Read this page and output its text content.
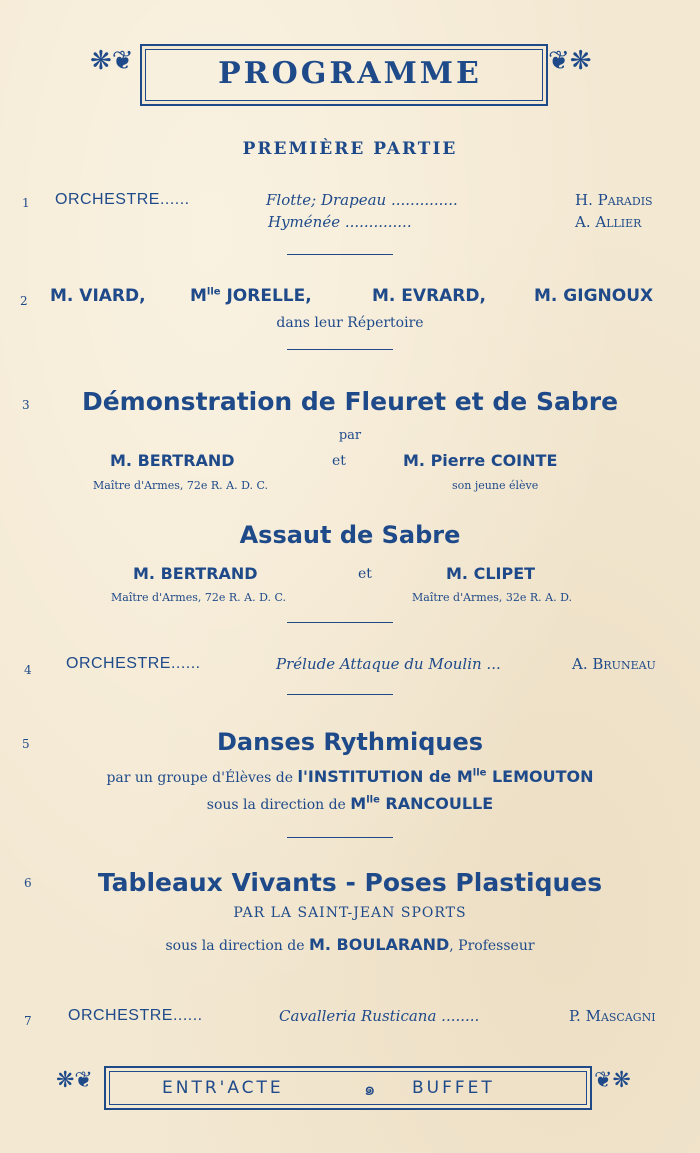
❋❦	❦❋
PROGRAMME
PREMIÈRE PARTIE
1 ORCHESTRE......	Flotte; Drapeau ..............	H. Paradis
Hyménée ..............	A. Allier
2 M. VIARD,	$M^{lle}$ JORELLE,	M. EVRARD,	M. GIGNOUX
dans leur Répertoire
3	Démonstration de Fleuret et de Sabre
par
M. BERTRAND	et	M. Pierre COINTE
Maître d'Armes, 72e R. A. D. C.	son jeune élève
Assaut de Sabre
M. BERTRAND	et	M. CLIPET
Maître d'Armes, 72e R. A. D. C.	Maître d'Armes, 32e R. A. D.
4 ORCHESTRE......	Prélude Attaque du Moulin ...	A. Bruneau
5	Danses Rythmiques
par un groupe d'Élèves de l'INSTITUTION de $M^{lle}$ LEMOUTON
sous la direction de $M^{lle}$ RANCOULLE
6	Tableaux Vivants - Poses Plastiques
PAR LA SAINT-JEAN SPORTS
sous la direction de M. BOULARAND, Professeur
7 ORCHESTRE......	Cavalleria Rusticana ........	P. Mascagni
❋❦	❦❋
ENTR'ACTE	๑ BUFFET
